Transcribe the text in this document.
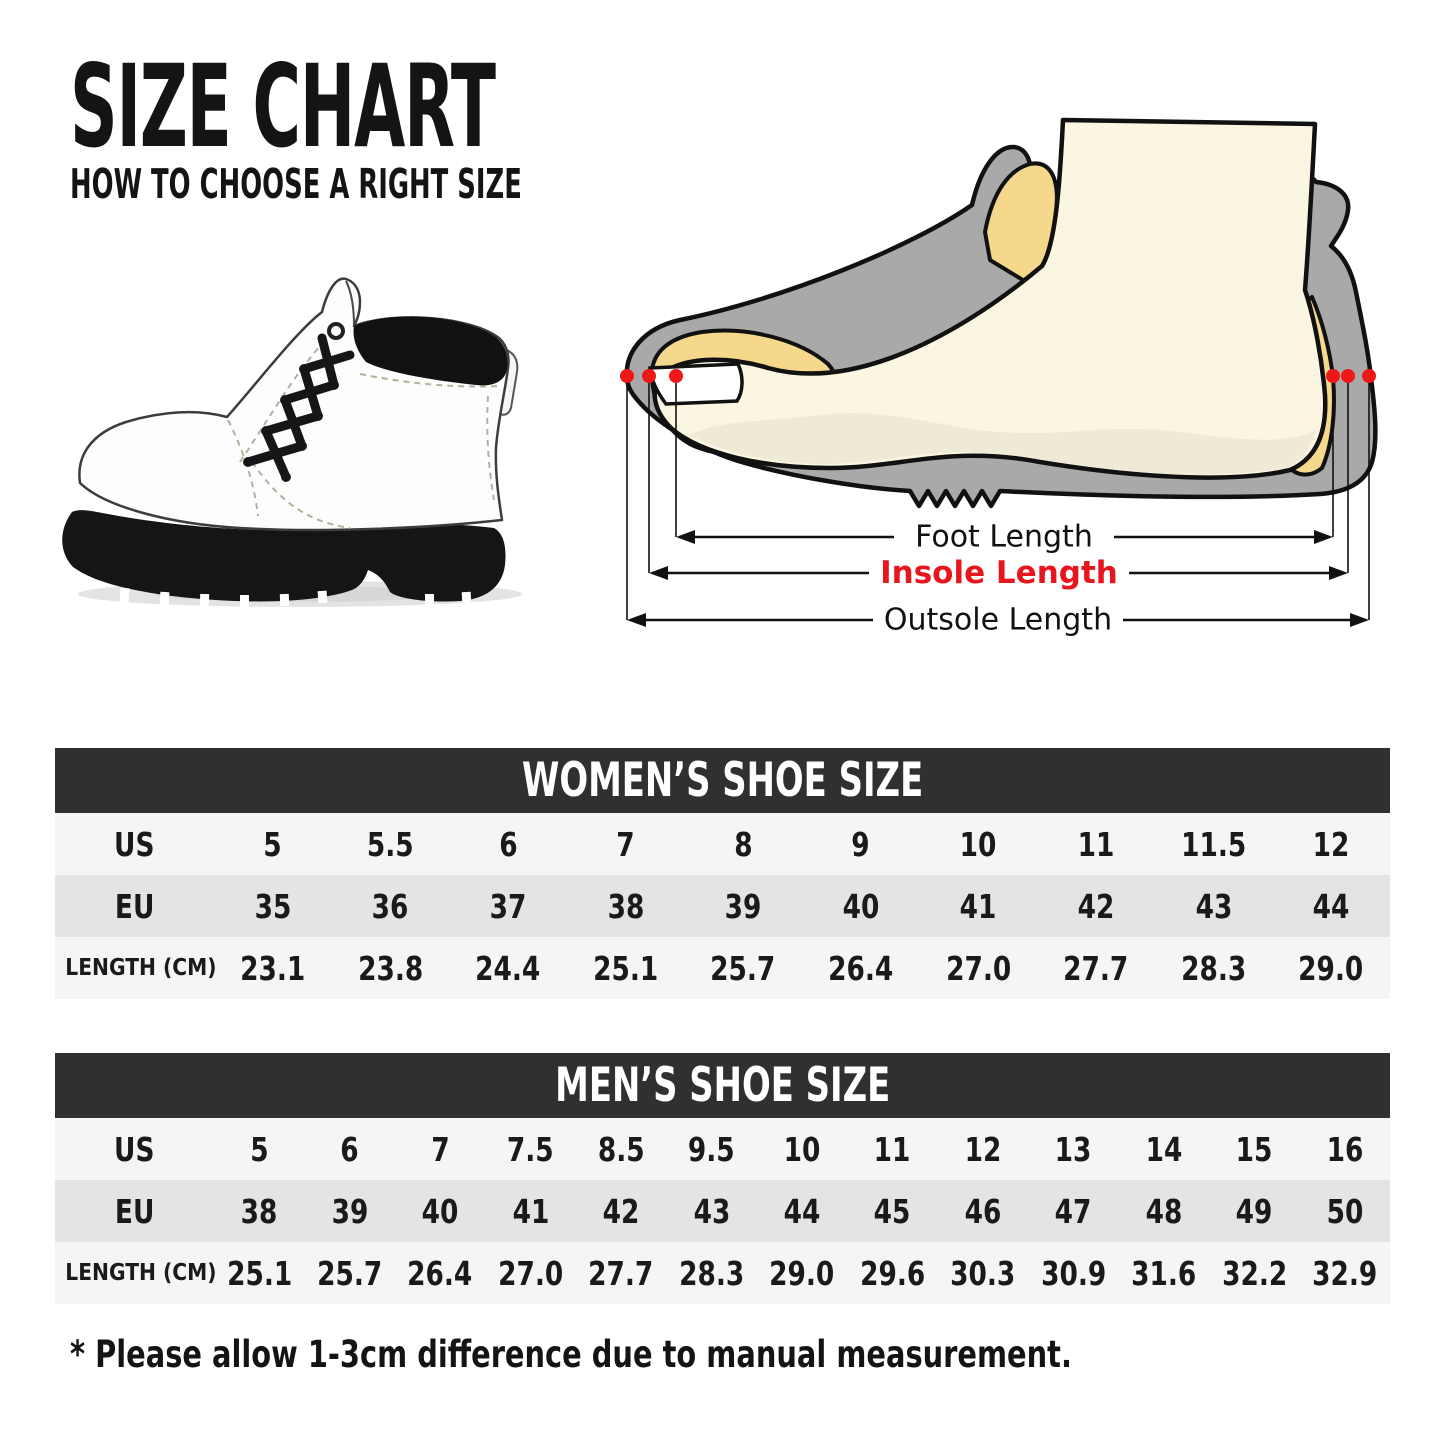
SIZE CHART
HOW TO CHOOSE A RIGHT SIZE
Foot Length
Insole Length
Outsole Length
WOMEN’S SHOE SIZE
US	5	5.5	6	7	8	9	10	11	11.5	12
EU	35	36	37	38	39	40	41	42	43	44
LENGTH (CM)	23.1	23.8	24.4	25.1	25.7	26.4	27.0	27.7	28.3	29.0
MEN’S SHOE SIZE
US	5	6	7	7.5	8.5	9.5	10	11	12	13	14	15	16
EU	38	39	40	41	42	43	44	45	46	47	48	49	50
LENGTH (CM)	25.1	25.7	26.4	27.0	27.7	28.3	29.0	29.6	30.3	30.9	31.6	32.2	32.9
* Please allow 1-3cm difference due to manual measurement.
